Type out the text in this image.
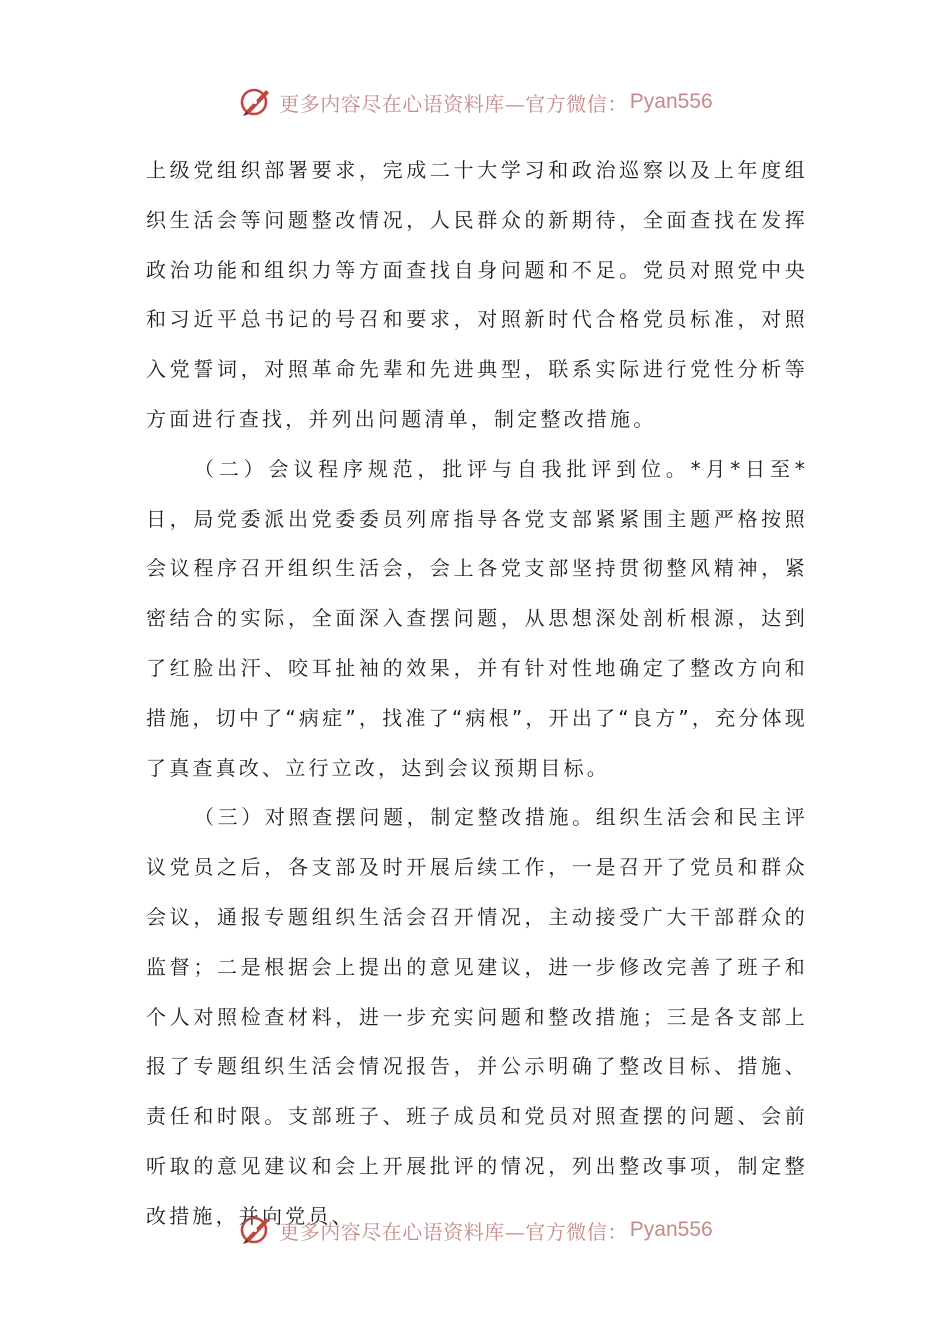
更多内容尽在心语资料库—官方微信： Pyan556

上级党组织部署要求，完成二十大学习和政治巡察以及上年度组织生活会等问题整改情况，人民群众的新期待，全面查找在发挥政治功能和组织力等方面查找自身问题和不足。党员对照党中央和习近平总书记的号召和要求，对照新时代合格党员标准，对照入党誓词，对照革命先辈和先进典型，联系实际进行党性分析等方面进行查找，并列出问题清单，制定整改措施。

（二）会议程序规范，批评与自我批评到位。*月*日至*日，局党委派出党委委员列席指导各党支部紧紧围主题严格按照会议程序召开组织生活会，会上各党支部坚持贯彻整风精神，紧密结合的实际，全面深入查摆问题，从思想深处剖析根源，达到了红脸出汗、咬耳扯袖的效果，并有针对性地确定了整改方向和措施，切中了“病症”，找准了“病根”，开出了“良方”，充分体现了真查真改、立行立改，达到会议预期目标。

（三）对照查摆问题，制定整改措施。组织生活会和民主评议党员之后，各支部及时开展后续工作，一是召开了党员和群众会议，通报专题组织生活会召开情况，主动接受广大干部群众的监督；二是根据会上提出的意见建议，进一步修改完善了班子和个人对照检查材料，进一步充实问题和整改措施；三是各支部上报了专题组织生活会情况报告，并公示明确了整改目标、措施、责任和时限。支部班子、班子成员和党员对照查摆的问题、会前听取的意见建议和会上开展批评的情况，列出整改事项，制定整改措施，并向党员、

更多内容尽在心语资料库—官方微信： Pyan556
